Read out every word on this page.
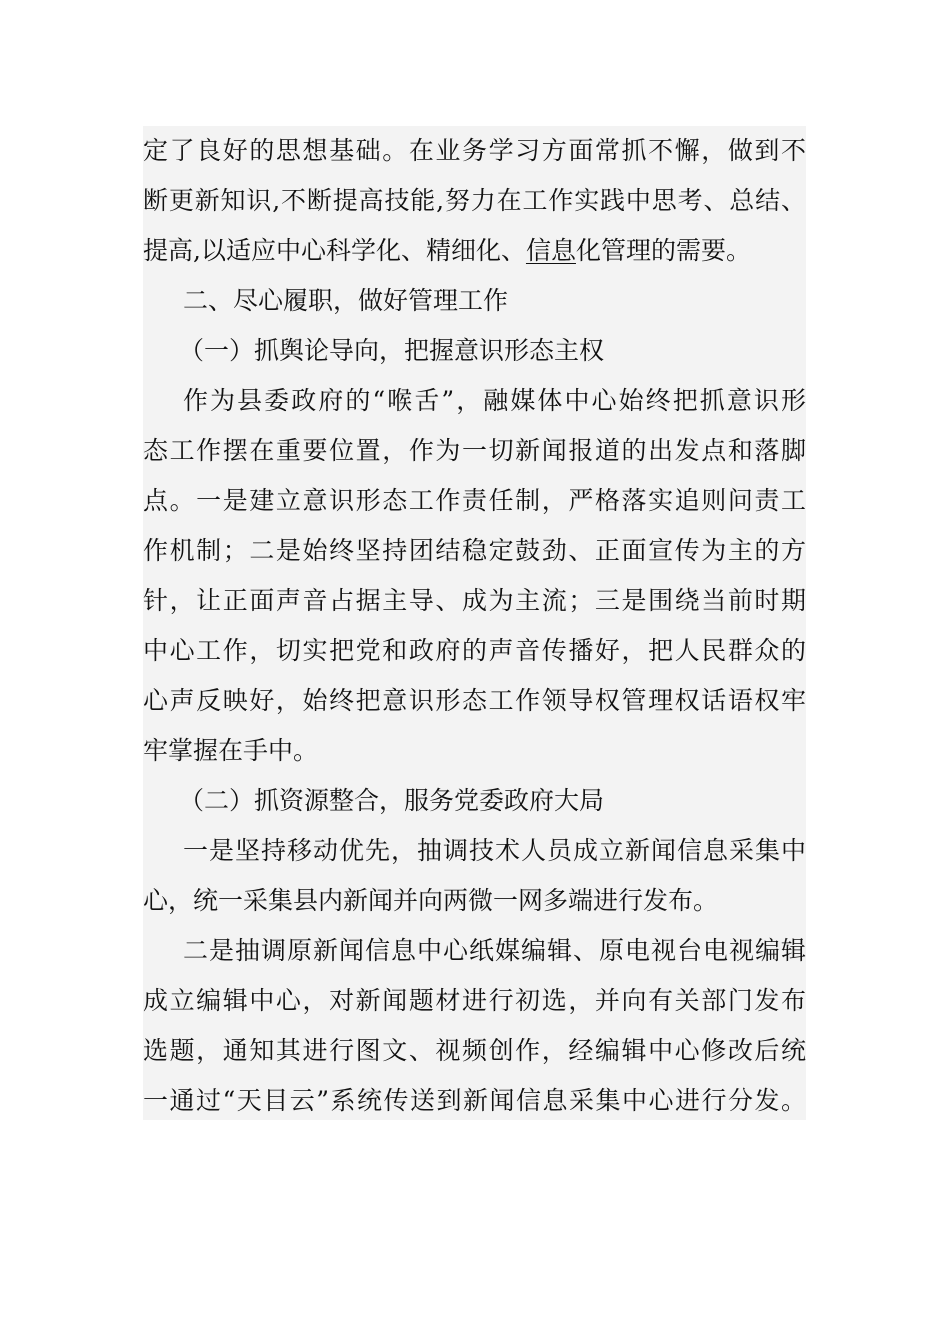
定了良好的思想基础。在业务学习方面常抓不懈，做到不
断更新知识,不断提高技能,努力在工作实践中思考、总结、
提高,以适应中心科学化、精细化、信息化管理的需要。
二、尽心履职，做好管理工作
（一）抓舆论导向，把握意识形态主权
作为县委政府的“喉舌”，融媒体中心始终把抓意识形
态工作摆在重要位置，作为一切新闻报道的出发点和落脚
点。一是建立意识形态工作责任制，严格落实追则问责工
作机制；二是始终坚持团结稳定鼓劲、正面宣传为主的方
针，让正面声音占据主导、成为主流；三是围绕当前时期
中心工作，切实把党和政府的声音传播好，把人民群众的
心声反映好，始终把意识形态工作领导权管理权话语权牢
牢掌握在手中。
（二）抓资源整合，服务党委政府大局
一是坚持移动优先，抽调技术人员成立新闻信息采集中
心，统一采集县内新闻并向两微一网多端进行发布。
二是抽调原新闻信息中心纸媒编辑、原电视台电视编辑
成立编辑中心，对新闻题材进行初选，并向有关部门发布
选题，通知其进行图文、视频创作，经编辑中心修改后统
一通过“天目云”系统传送到新闻信息采集中心进行分发。
